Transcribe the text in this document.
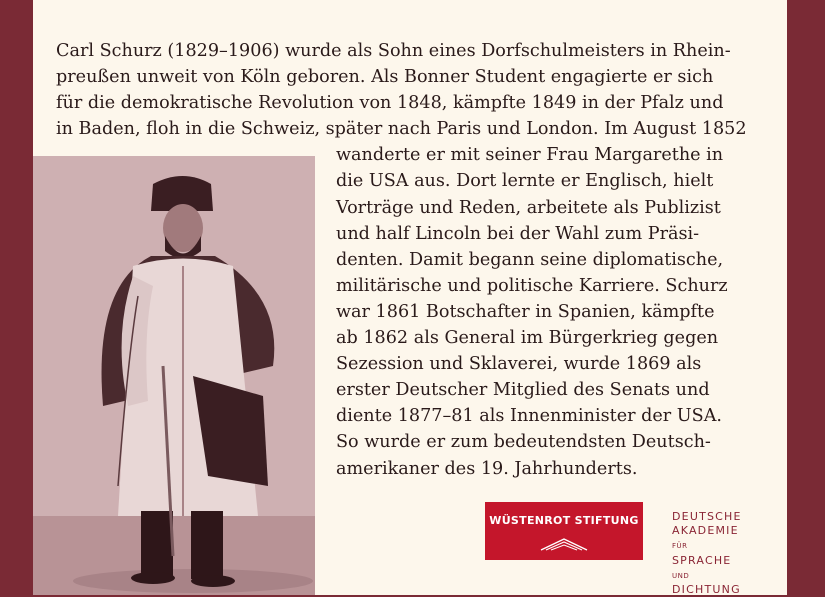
Carl Schurz (1829–1906) wurde als Sohn eines Dorfschulmeisters in Rhein-
preußen unweit von Köln geboren. Als Bonner Student engagierte er sich
für die demokratische Revolution von 1848, kämpfte 1849 in der Pfalz und
in Baden, floh in die Schweiz, später nach Paris und London. Im August 1852
wanderte er mit seiner Frau Margarethe in
die USA aus. Dort lernte er Englisch, hielt
Vorträge und Reden, arbeitete als Publizist
und half Lincoln bei der Wahl zum Präsi-
denten. Damit begann seine diplomatische,
militärische und politische Karriere. Schurz
war 1861 Botschafter in Spanien, kämpfte
ab 1862 als General im Bürgerkrieg gegen
Sezession und Sklaverei, wurde 1869 als
erster Deutscher Mitglied des Senats und
diente 1877–81 als Innenminister der USA.
So wurde er zum bedeutendsten Deutsch-
amerikaner des 19. Jahrhunderts.
WÜSTENROT STIFTUNG	DEUTSCHE
AKADEMIE FÜR
SPRACHE UND
DICHTUNG
